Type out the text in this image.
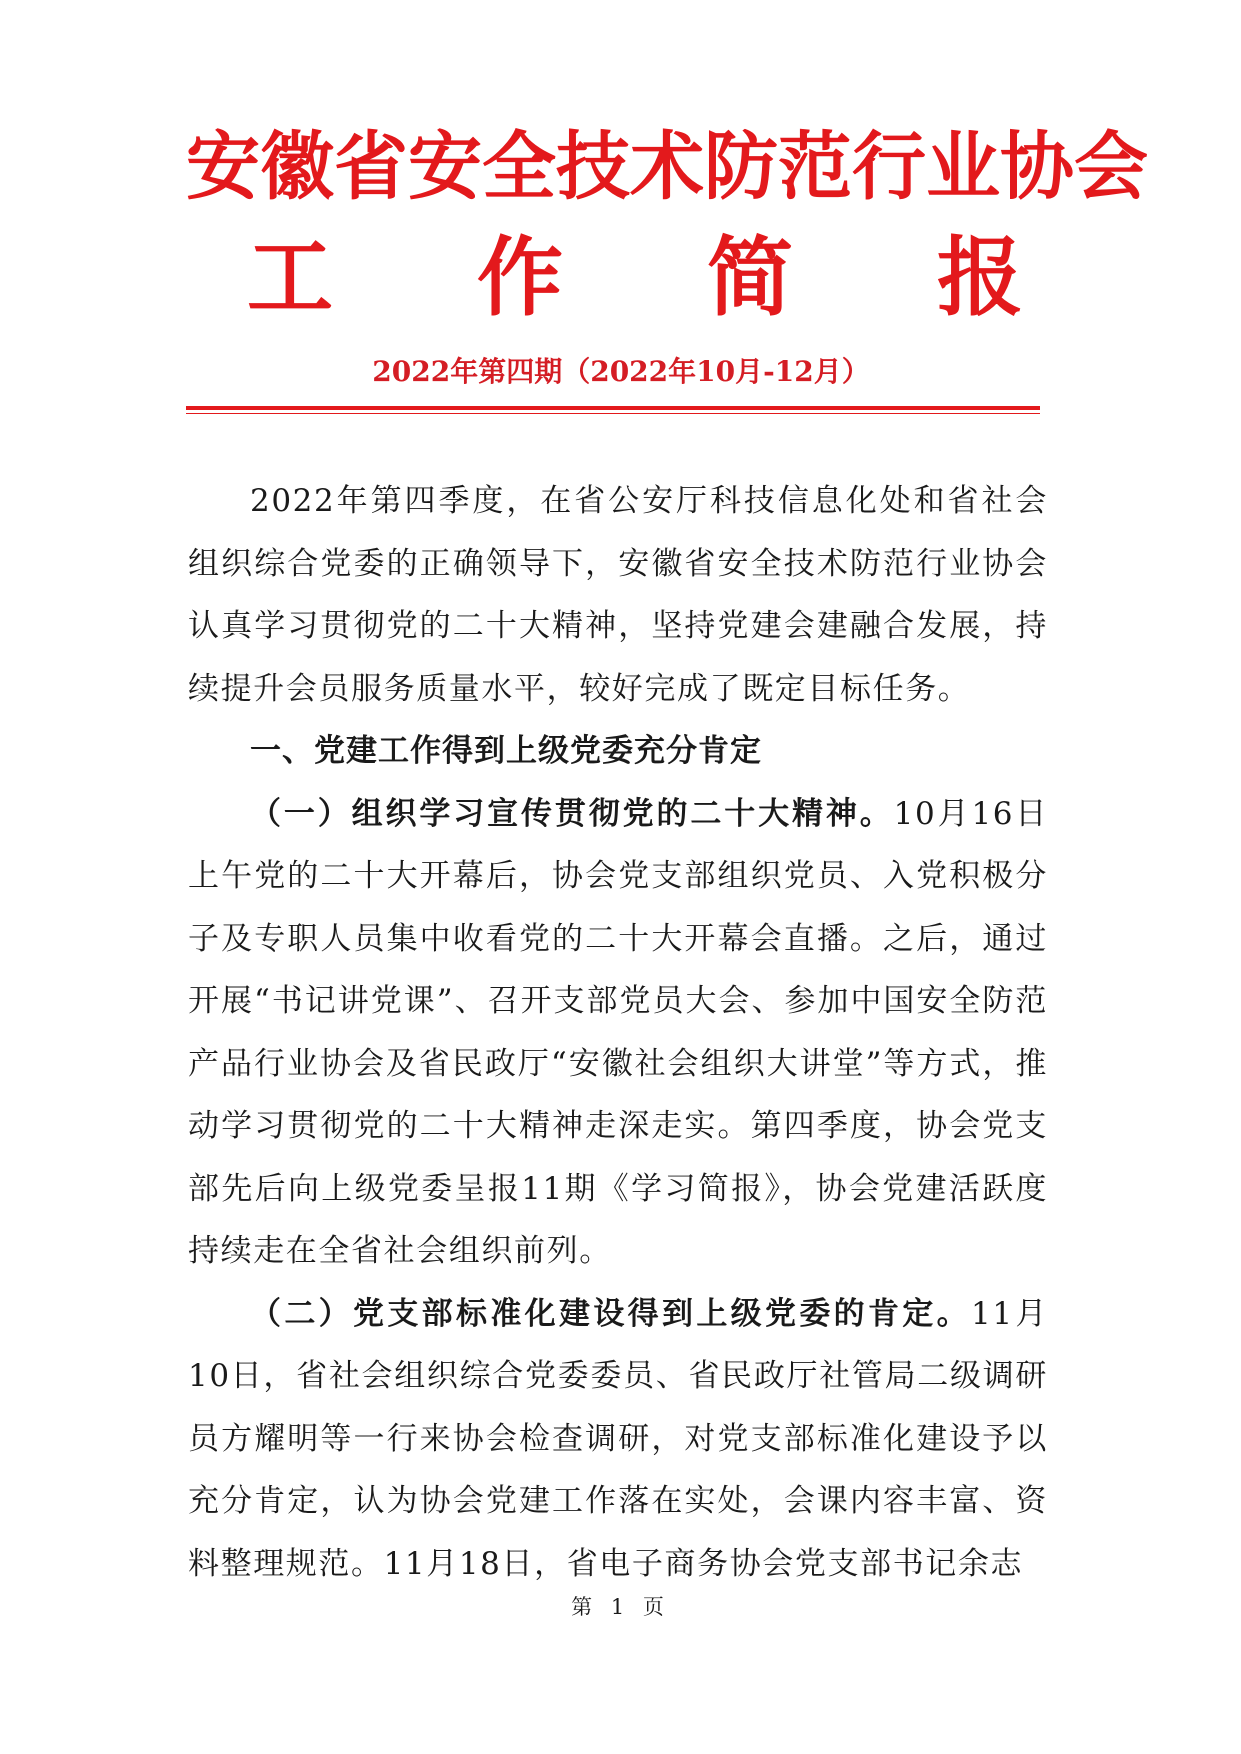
安徽省安全技术防范行业协会
工 作 简 报
2022年第四期（2022年10月-12月）

2022年第四季度，在省公安厅科技信息化处和省社会组织综合党委的正确领导下，安徽省安全技术防范行业协会认真学习贯彻党的二十大精神，坚持党建会建融合发展，持续提升会员服务质量水平，较好完成了既定目标任务。

一、党建工作得到上级党委充分肯定

（一）组织学习宣传贯彻党的二十大精神。10月16日上午党的二十大开幕后，协会党支部组织党员、入党积极分子及专职人员集中收看党的二十大开幕会直播。之后，通过开展“书记讲党课”、召开支部党员大会、参加中国安全防范产品行业协会及省民政厅“安徽社会组织大讲堂”等方式，推动学习贯彻党的二十大精神走深走实。第四季度，协会党支部先后向上级党委呈报11期《学习简报》，协会党建活跃度持续走在全省社会组织前列。

（二）党支部标准化建设得到上级党委的肯定。11月10日，省社会组织综合党委委员、省民政厅社管局二级调研员方耀明等一行来协会检查调研，对党支部标准化建设予以充分肯定，认为协会党建工作落在实处，会课内容丰富、资料整理规范。11月18日，省电子商务协会党支部书记余志

第 1 页
